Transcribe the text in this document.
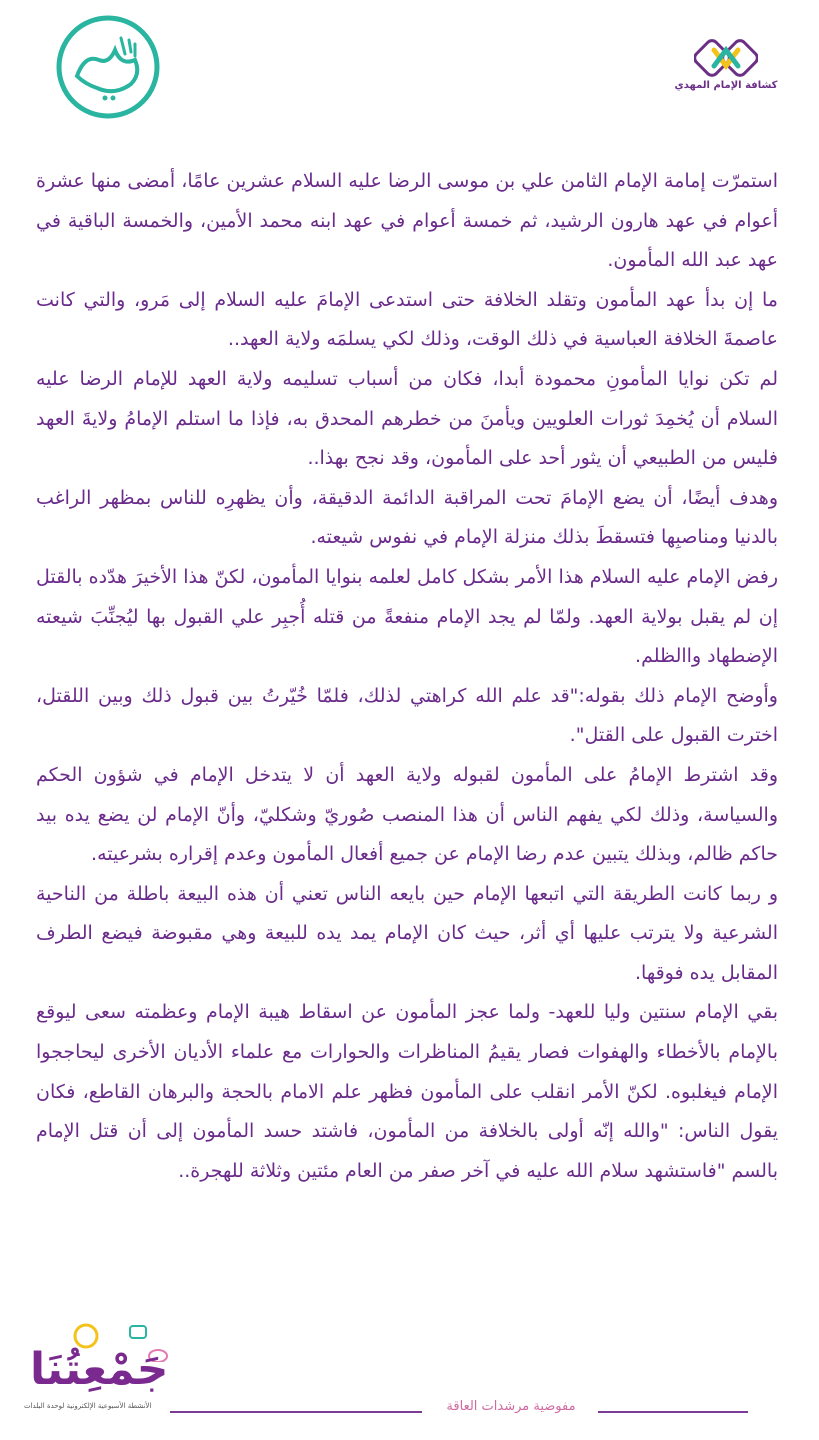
كشافة الإمام المهدي

استمرّت إمامة الإمام الثامن علي بن موسى الرضا عليه السلام عشرين عامًا، أمضى منها عشرة أعوام في عهد هارون الرشيد، ثم خمسة أعوام في عهد ابنه محمد الأمين، والخمسة الباقية في عهد عبد الله المأمون.

ما إن بدأ عهد المأمون وتقلد الخلافة حتى استدعى الإمامَ عليه السلام إلى مَرو، والتي كانت عاصمةَ الخلافة العباسية في ذلك الوقت، وذلك لكي يسلمَه ولاية العهد..

لم تكن نوايا المأمونِ محمودة أبدا، فكان من أسباب تسليمه ولاية العهد للإمام الرضا عليه السلام أن يُخمِدَ ثورات العلويين ويأمنَ من خطرهم المحدق به، فإذا ما استلم الإمامُ ولايةَ العهد فليس من الطبيعي أن يثور أحد على المأمون، وقد نجح بهذا..

وهدف أيضًا، أن يضع الإمامَ تحت المراقبة الدائمة الدقيقة، وأن يظهرِه للناس بمظهر الراغب بالدنيا ومناصبِها فتسقطَ بذلك منزلة الإمام في نفوس شيعته.

رفض الإمام عليه السلام هذا الأمر بشكل كامل لعلمه بنوايا المأمون، لكنّ هذا الأخيرَ هدّده بالقتل إن لم يقبل بولاية العهد. ولمّا لم يجد الإمام منفعةً من قتله أُجبِر علي القبول بها ليُجنِّبَ شيعته الإضطهاد واالظلم.

وأوضح الإمام ذلك بقوله:"قد علم الله كراهتي لذلك، فلمّا خُيّرتُ بين قبول ذلك وبين اللقتل، اخترت القبول على القتل".

وقد اشترط الإمامُ على المأمون لقبوله ولاية العهد أن لا يتدخل الإمام في شؤون الحكم والسياسة، وذلك لكي يفهم الناس أن هذا المنصب صُوريّ وشكليّ، وأنّ الإمام لن يضع يده بيد حاكم ظالم، وبذلك يتبين عدم رضا الإمام عن جميع أفعال المأمون وعدم إقراره بشرعيته.

و ربما كانت الطريقة التي اتبعها الإمام حين بايعه الناس تعني أن هذه البيعة باطلة من الناحية الشرعية ولا يترتب عليها أي أثر، حيث كان الإمام يمد يده للبيعة وهي مقبوضة فيضع الطرف المقابل يده فوقها.

بقي الإمام سنتين وليا للعهد- ولما عجز المأمون عن اسقاط هيبة الإمام وعظمته سعى ليوقع بالإمام بالأخطاء والهفوات فصار يقيمُ المناظرات والحوارات مع علماء الأديان الأخرى ليحاججوا الإمام فيغلبوه. لكنّ الأمر انقلب على المأمون فظهر علم الامام بالحجة والبرهان القاطع، فكان يقول الناس: "والله إنّه أولى بالخلافة من المأمون، فاشتد حسد المأمون إلى أن قتل الإمام بالسم "فاستشهد سلام الله عليه في آخر صفر من العام مئتين وثلاثة للهجرة..

جَمْعِتُنَا
الأنشطة الأسبوعية الإلكترونية لوحدة البلدات	مفوضية مرشدات العاقة
